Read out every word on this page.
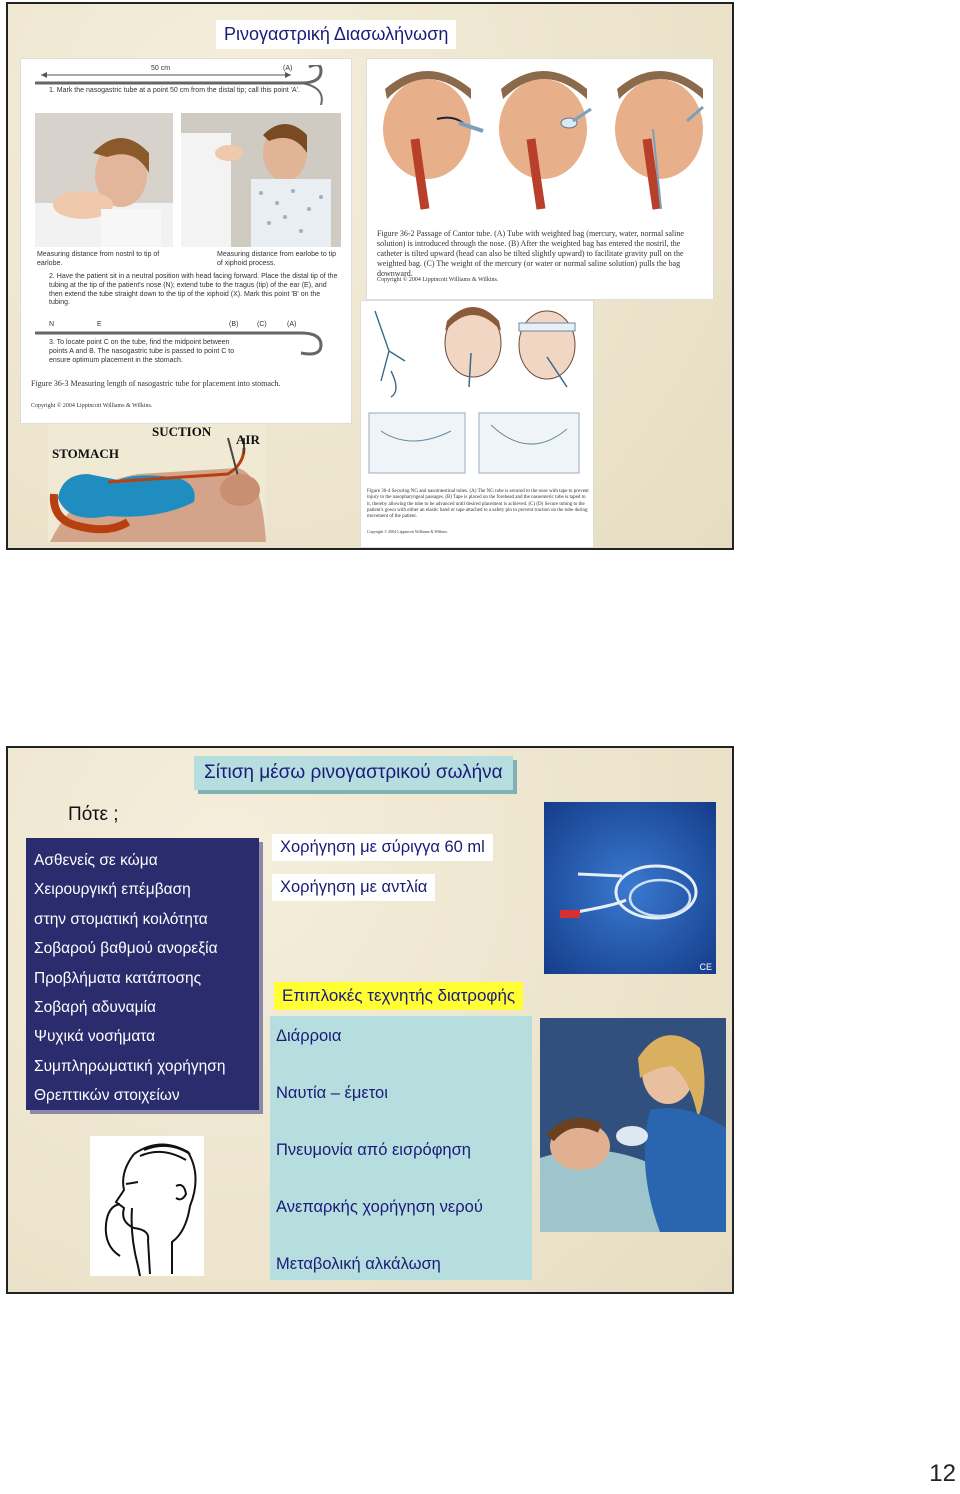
Ρινογαστρική Διασωλήνωση
50 cm	(A)
1. Mark the nasogastric tube at a point 50 cm from the distal tip; call this point 'A'.
Measuring distance from nostril to tip of earlobe.
Measuring distance from earlobe to tip of xiphoid process.
2. Have the patient sit in a neutral position with head facing forward. Place the distal tip of the tubing at the tip of the patient's nose (N); extend tube to the tragus (tip) of the ear (E), and then extend the tube straight down to the tip of the xiphoid (X). Mark this point 'B' on the tubing.
N	E	(B)	(C)	(A)
3. To locate point C on the tube, find the midpoint between points A and B. The nasogastric tube is passed to point C to ensure optimum placement in the stomach.
Figure 36-3 Measuring length of nasogastric tube for placement into stomach.
Copyright © 2004 Lippincott Williams & Wilkins.
Figure 36-2 Passage of Cantor tube. (A) Tube with weighted bag (mercury, water, normal saline solution) is introduced through the nose. (B) After the weighted bag has entered the nostril, the catheter is tilted upward (head can also be tilted slightly upward) to facilitate gravity pull on the weighted bag. (C) The weight of the mercury (or water or normal saline solution) pulls the bag downward.
Copyright © 2004 Lippincott Williams & Wilkins.
Figure 36-4 Securing NG and nasointestinal tubes. (A) The NG tube is secured to the nose with tape to prevent injury to the nasopharyngeal passages. (B) Tape is placed on the forehead and the nasoenteric tube is taped to it, thereby allowing the tube to be advanced until desired placement is achieved. (C) (D) Secure tubing to the patient's gown with either an elastic band or tape attached to a safety pin to prevent traction on the tube during movement of the patient.
Copyright © 2004 Lippincott Williams & Wilkins.
STOMACH
SUCTION
AIR
Σίτιση μέσω ρινογαστρικού σωλήνα
Πότε ;
Ασθενείς σε κώμα
Χειρουργική επέμβαση
στην στοματική κοιλότητα
Σοβαρού βαθμού ανορεξία
Προβλήματα κατάποσης
Σοβαρή αδυναμία
Ψυχικά νοσήματα
Συμπληρωματική χορήγηση
Θρεπτικών στοιχείων
Χορήγηση με σύριγγα 60 ml
Χορήγηση με αντλία
CE
Επιπλοκές τεχνητής διατροφής
Διάρροια
Ναυτία – έμετοι
Πνευμονία από εισρόφηση
Ανεπαρκής χορήγηση νερού
Μεταβολική αλκάλωση
12
